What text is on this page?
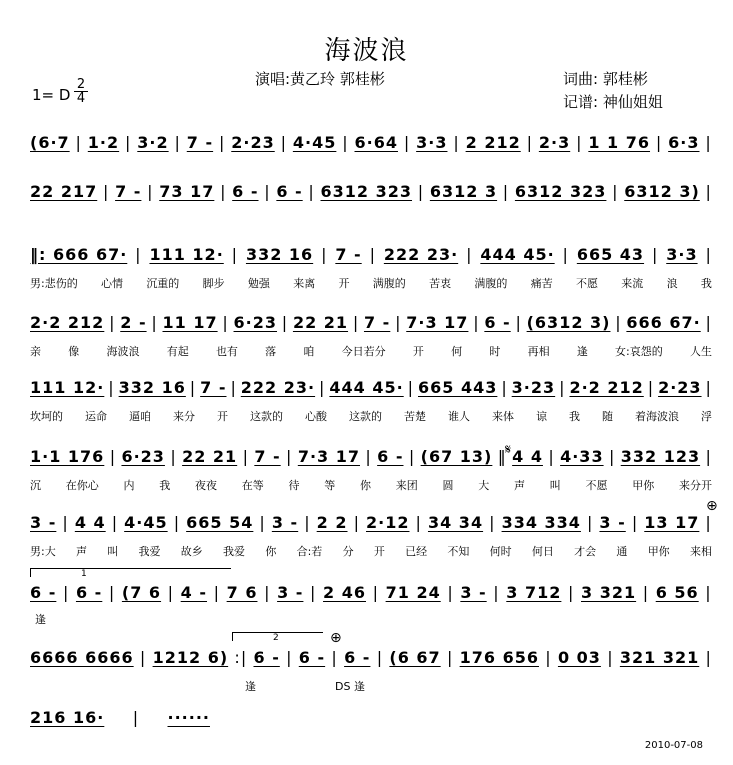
海波浪
演唱:黄乙玲 郭桂彬	词曲: 郭桂彬
记谱: 神仙姐姐
1= D $\frac{2}{4}$
(6·7 | 1·2 | 3·2 | 7 - | 2·23 | 4·45 | 6·64 | 3·3 | 2 212 | 2·3 | 1 1 76 | 6·3 |
22 217 | 7 - | 73 17 | 6 - | 6 - | 6312 323 | 6312 3 | 6312 323 | 6312 3) |
‖: 666 67· | 111 12· | 332 16 | 7 - | 222 23· | 444 45· | 665 43 | 3·3 |
2·2 212 | 2 - | 11 17 | 6·23 | 22 21 | 7 - | 7·3 17 | 6 - | (6312 3) | 666 67· |
111 12· | 332 16 | 7 - | 222 23· | 444 45· | 665 443 | 3·23 | 2·2 212 | 2·23 |
1·1 176 | 6·23 | 22 21 | 7 - | 7·3 17 | 6 - | (67 13) ‖ 4 4 | 4·33 | 332 123 |
3 - | 4 4 | 4·45 | 665 54 | 3 - | 2 2 | 2·12 | 34 34 | 334 334 | 3 - | 13 17 |
6 - | 6 - | (7 6 | 4 - | 7 6 | 3 - | 2 46 | 71 24 | 3 - | 3 712 | 3 321 | 6 56 |
6666 6666 | 1212 6) :| 6 - | 6 - | 6 - | (6 67 | 176 656 | 0 03 | 321 321 |
216 16· | ······
男:悲伤的 心情 沉重的 脚步 勉强 来离 开 满腹的 苦衷 满腹的 痛苦 不愿 来流 浪 我
亲 像 海波浪 有起 也有 落 咱 今日若分 开 何 时 再相 逢 女:哀怨的 人生
坎坷的 运命 逼咱 来分 开 这款的 心酸 这款的 苦楚 谁人 来体 谅 我 随 着海波浪 浮
沉 在你心 内 我 夜夜 在等 待 等 你 来团 圆 大 声 叫 不愿 甲你 来分开
男:大 声 叫 我爱 故乡 我爱 你 合:若 分 开 已经 不知 何时 何日 才会 通 甲你 来相
逢
逢	DS 逢
1
2
𝄋
⊕
⊕
2010-07-08
